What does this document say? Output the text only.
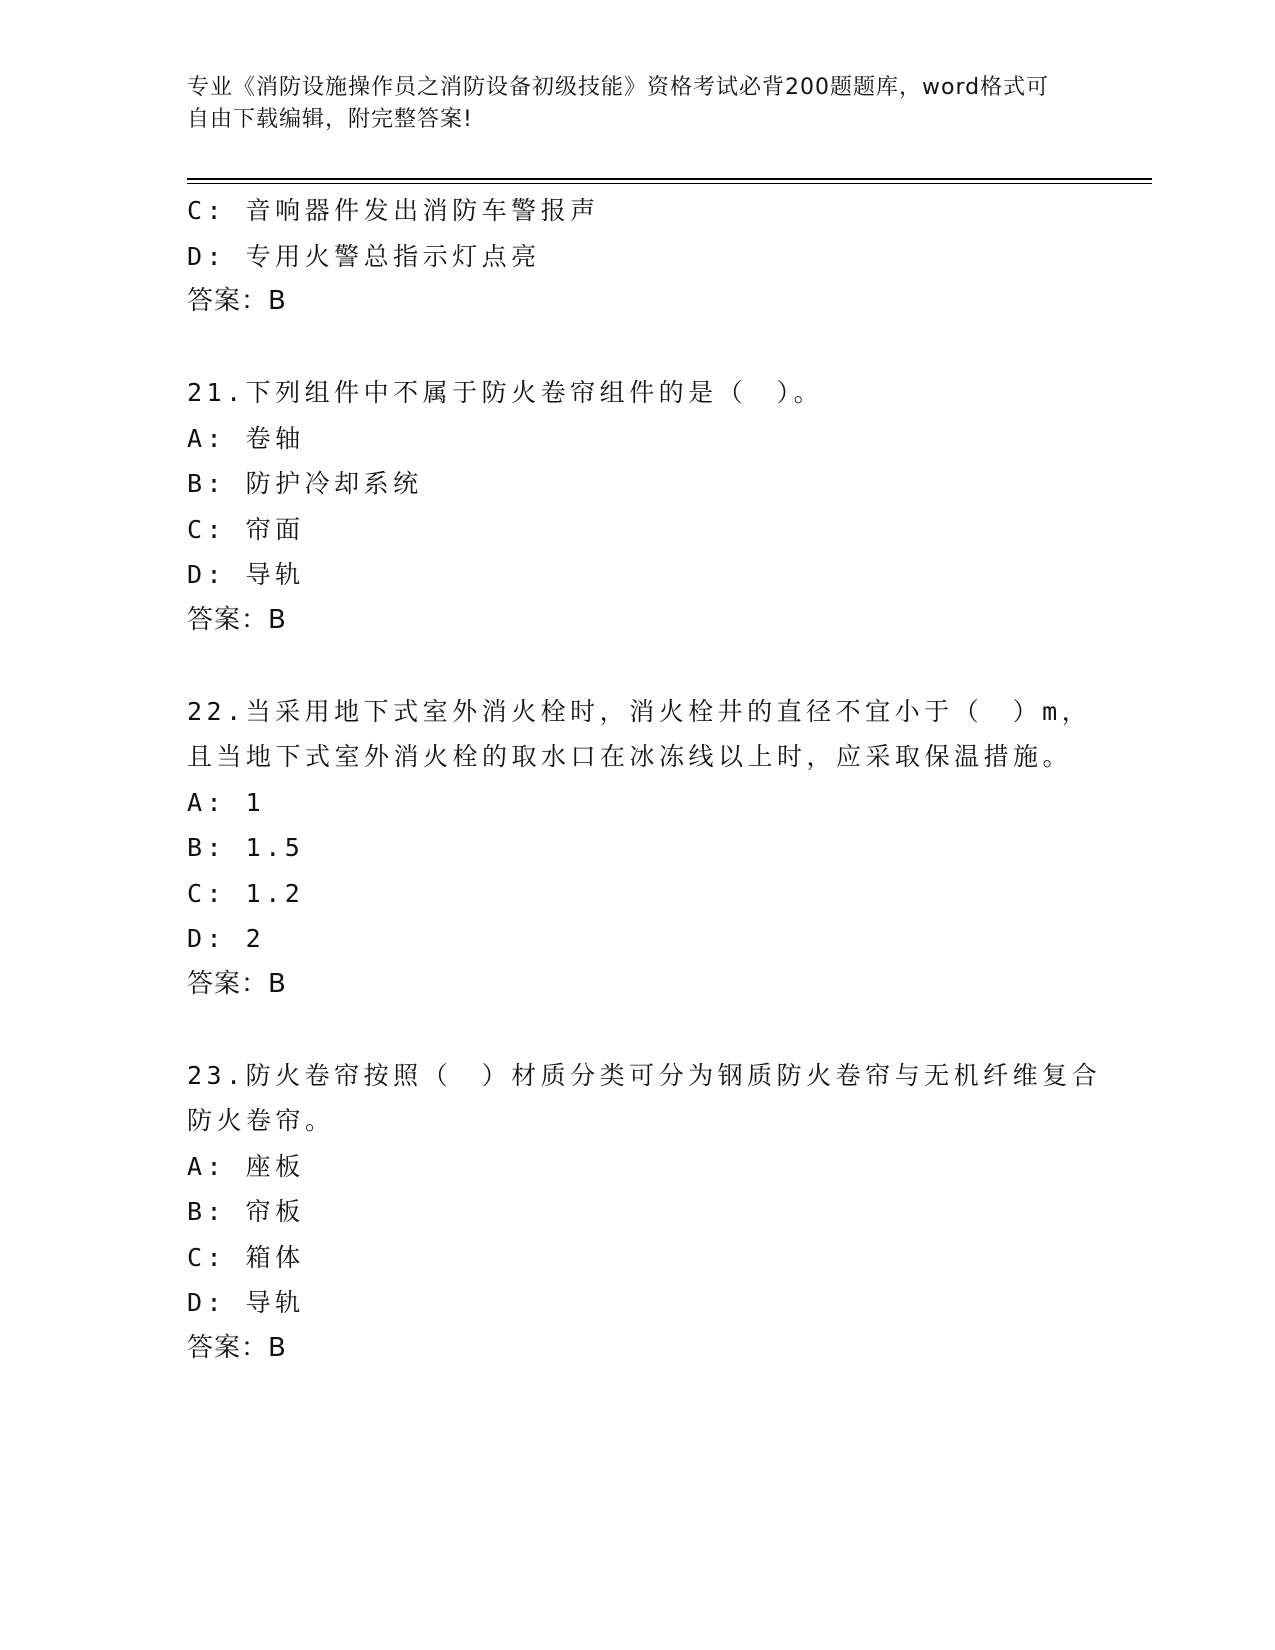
专业《消防设施操作员之消防设备初级技能》资格考试必背200题题库，word格式可自由下载编辑，附完整答案!
C: 音响器件发出消防车警报声
D: 专用火警总指示灯点亮
答案：B
21.下列组件中不属于防火卷帘组件的是（　）。
A: 卷轴
B: 防护冷却系统
C: 帘面
D: 导轨
答案：B
22.当采用地下式室外消火栓时，消火栓井的直径不宜小于（　）m，
且当地下式室外消火栓的取水口在冰冻线以上时，应采取保温措施。
A: 1
B: 1.5
C: 1.2
D: 2
答案：B
23.防火卷帘按照（　）材质分类可分为钢质防火卷帘与无机纤维复合
防火卷帘。
A: 座板
B: 帘板
C: 箱体
D: 导轨
答案：B
